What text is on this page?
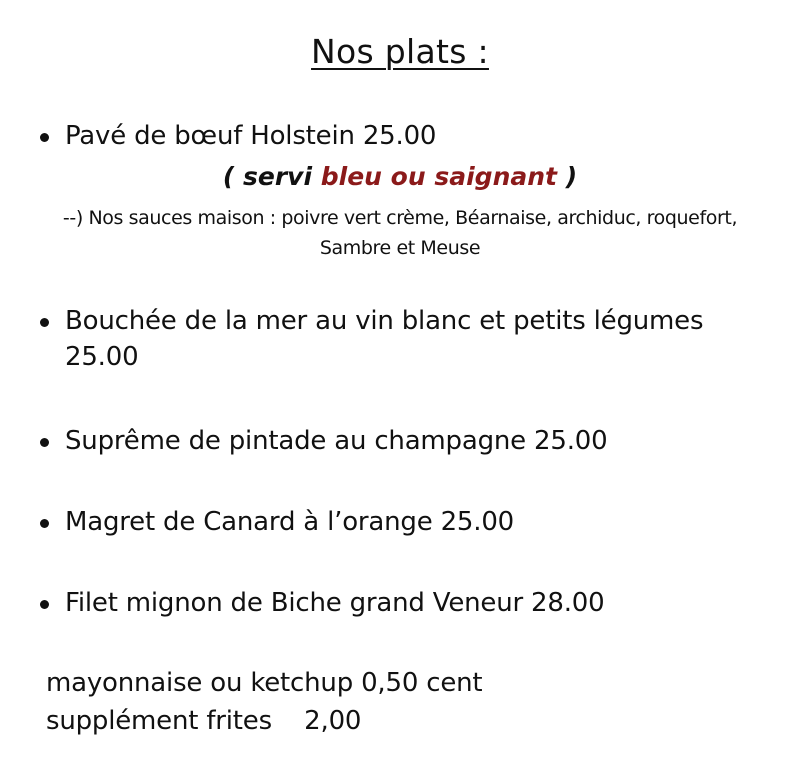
Nos plats :
Pavé de bœuf Holstein 25.00
( servi bleu ou saignant )
--) Nos sauces maison : poivre vert crème, Béarnaise, archiduc, roquefort,
Sambre et Meuse
Bouchée de la mer au vin blanc et petits légumes
25.00
Suprême de pintade au champagne 25.00
Magret de Canard à l’orange 25.00
Filet mignon de Biche grand Veneur 28.00
mayonnaise ou ketchup 0,50 cent
supplément frites    2,00
